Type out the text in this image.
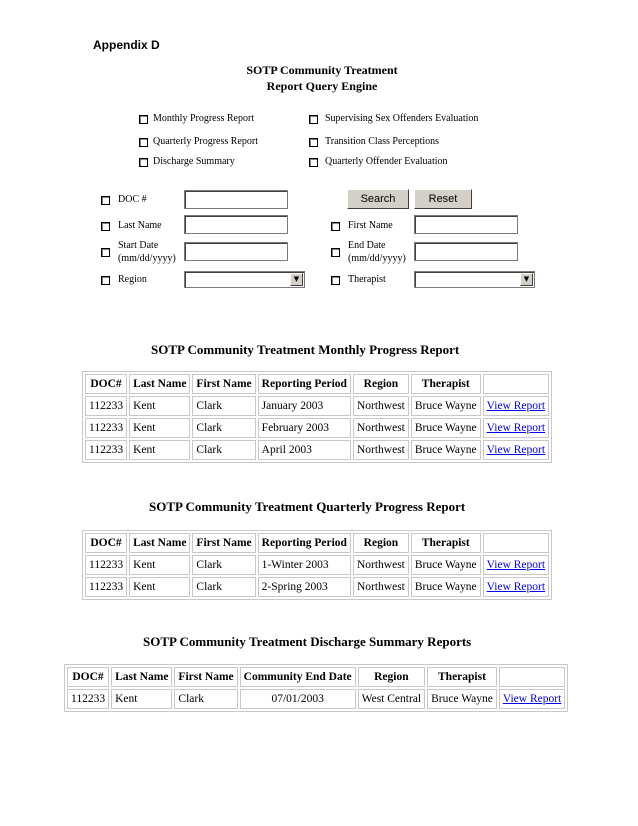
Appendix D
SOTP Community Treatment
Report Query Engine
Monthly Progress Report
Quarterly Progress Report
Discharge Summary
Supervising Sex Offenders Evaluation
Transition Class Perceptions
Quarterly Offender Evaluation
DOC #	Search	Reset
Last Name	First Name
Start Date
(mm/dd/yyyy)
End Date
(mm/dd/yyyy)
Region	▼	Therapist	▼
SOTP Community Treatment Monthly Progress Report
DOC#	Last Name	First Name	Reporting Period	Region	Therapist	
112233	Kent	Clark	January 2003	Northwest	Bruce Wayne	View Report
112233	Kent	Clark	February 2003	Northwest	Bruce Wayne	View Report
112233	Kent	Clark	April 2003	Northwest	Bruce Wayne	View Report
SOTP Community Treatment Quarterly Progress Report
DOC#	Last Name	First Name	Reporting Period	Region	Therapist	
112233	Kent	Clark	1-Winter 2003	Northwest	Bruce Wayne	View Report
112233	Kent	Clark	2-Spring 2003	Northwest	Bruce Wayne	View Report
SOTP Community Treatment Discharge Summary Reports
DOC#	Last Name	First Name	Community End Date	Region	Therapist	
112233	Kent	Clark	07/01/2003	West Central	Bruce Wayne	View Report
